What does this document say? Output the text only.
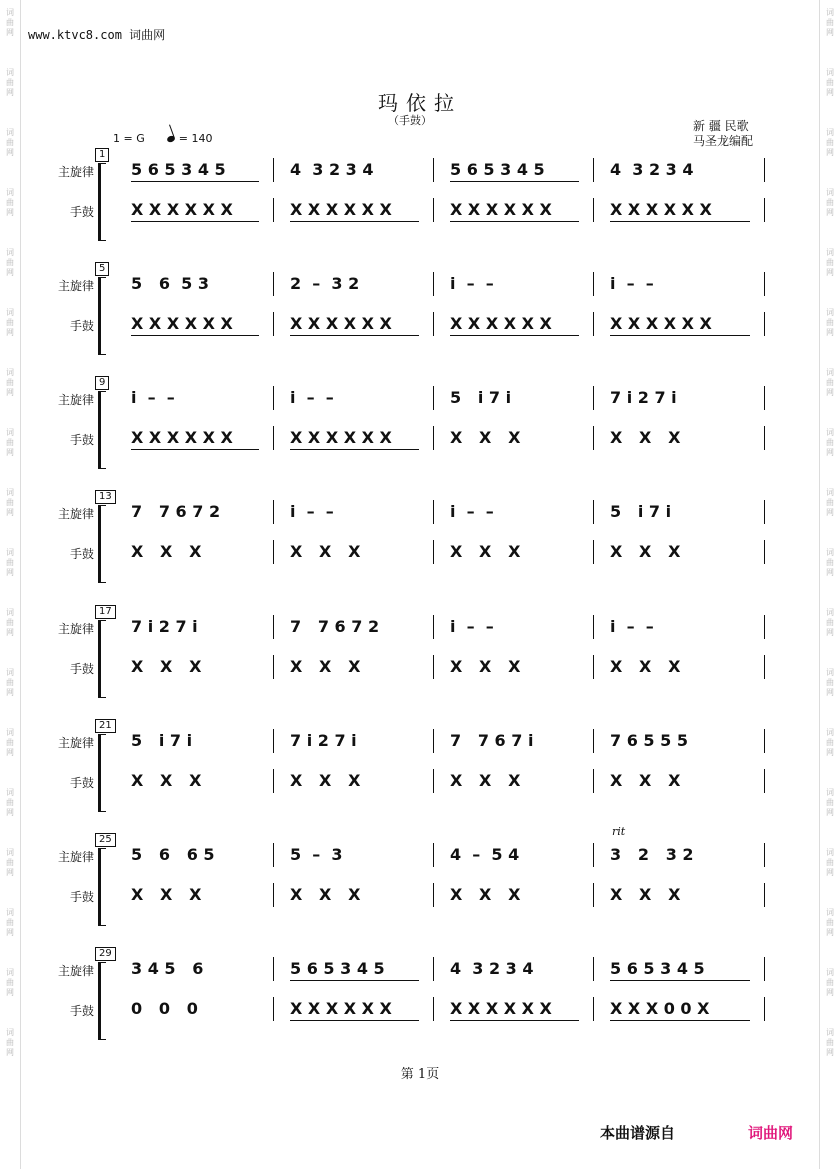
词
曲
网
词
曲
网
词
曲
网
词
曲
网
词
曲
网
词
曲
网
词
曲
网
词
曲
网
词
曲
网
词
曲
网
词
曲
网
词
曲
网
词
曲
网
词
曲
网
词
曲
网
词
曲
网
词
曲
网
词
曲
网
词
曲
网
词
曲
网
词
曲
网
词
曲
网
词
曲
网
词
曲
网
词
曲
网
词
曲
网
词
曲
网
词
曲
网
词
曲
网
词
曲
网
词
曲
网
词
曲
网
词
曲
网
词
曲
网
词
曲
网
词
曲
网
www.ktvc8.com 词曲网
玛依拉
（手鼓）	新 疆 民歌
马圣龙编配
1 = G	= 140
1
主旋律 5 6 5 3 4 5	4  3 2 3 4	5 6 5 3 4 5	4  3 2 3 4
手鼓 X X X X X X	X X X X X X	X X X X X X	X X X X X X
5
主旋律 5   6  5 3	2  –  3 2	i  –  –	i  –  –
手鼓 X X X X X X	X X X X X X	X X X X X X	X X X X X X
9
主旋律 i  –  –	i  –  –	5   i 7 i	7 i 2 7 i
手鼓 X X X X X X	X X X X X X	X   X   X	X   X   X
13
主旋律 7   7 6 7 2	i  –  –	i  –  –	5   i 7 i
手鼓 X   X   X	X   X   X	X   X   X	X   X   X
17
主旋律 7 i 2 7 i	7   7 6 7 2	i  –  –	i  –  –
手鼓 X   X   X	X   X   X	X   X   X	X   X   X
21
主旋律 5   i 7 i	7 i 2 7 i	7   7 6 7 i	7 6 5 5 5
手鼓 X   X   X	X   X   X	X   X   X	X   X   X
25
主旋律 5   6   6 5	5  –  3	4  –  5 4	3   2   3 2
手鼓 X   X   X	X   X   X	X   X   X	X   X   X
rit
29
主旋律 3 4 5   6	5 6 5 3 4 5	4  3 2 3 4	5 6 5 3 4 5
手鼓 0   0   0	X X X X X X	X X X X X X	X X X 0 0 X
第 1页
本曲谱源自	词曲网
